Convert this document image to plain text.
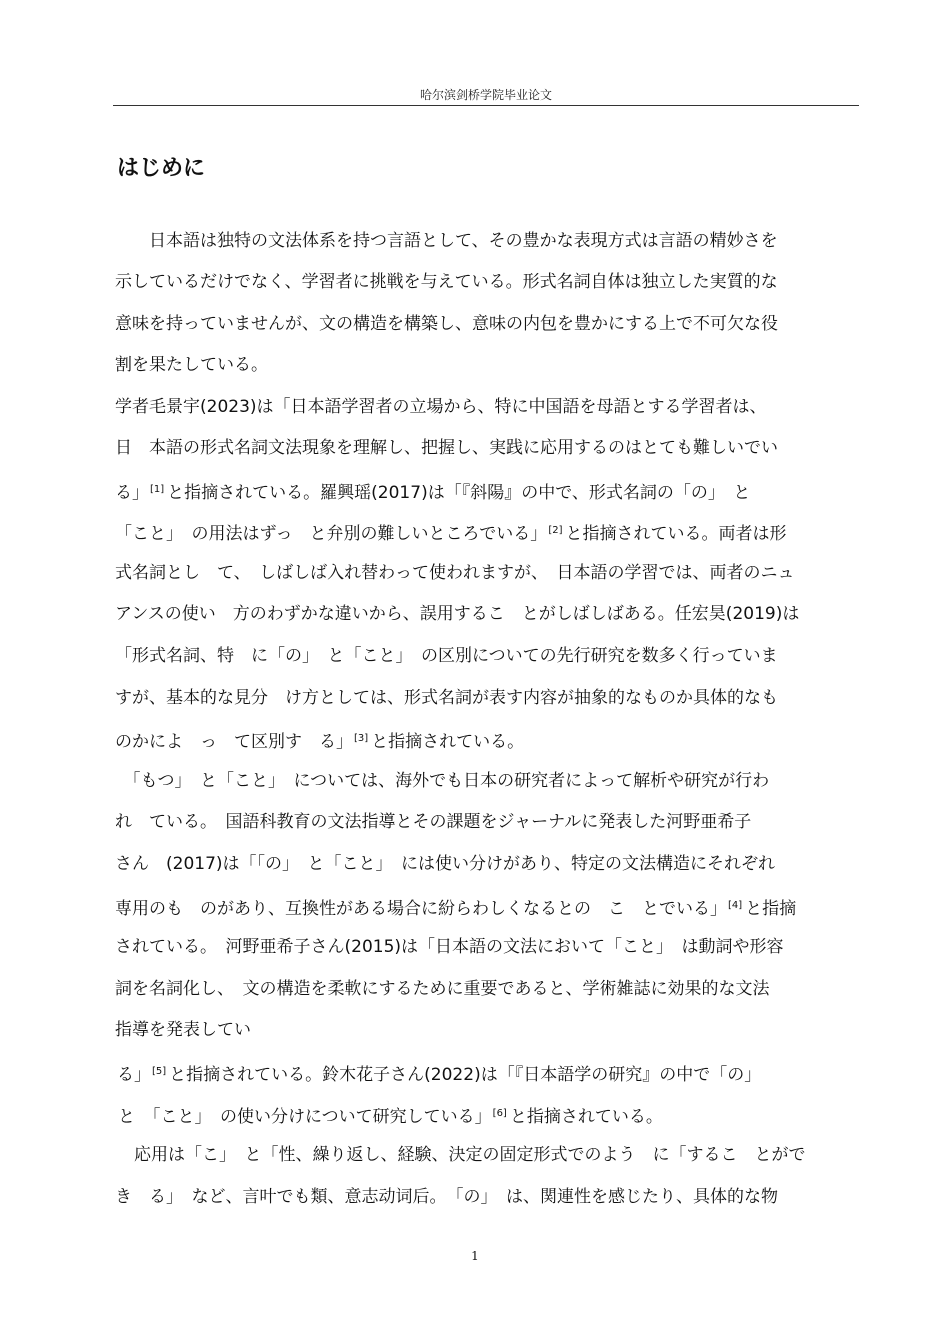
哈尔滨剑桥学院毕业论文
はじめに
　　日本語は独特の文法体系を持つ言語として、その豊かな表現方式は言語の精妙さを
示しているだけでなく、学習者に挑戦を与えている。形式名詞自体は独立した実質的な
意味を持っていませんが、文の構造を構築し、意味の内包を豊かにする上で不可欠な役
割を果たしている。
学者毛景宇(2023)は「日本語学習者の立場から、特に中国語を母語とする学習者は、
日　本語の形式名詞文法現象を理解し、把握し、実践に応用するのはとても難しいでい
る」[1] と指摘されている。羅興瑶(2017)は「『斜陽』の中で、形式名詞の「の」　と
「こと」　の用法はずっ　と弁別の難しいところでいる」[2] と指摘されている。両者は形
式名詞とし　て、　しばしば入れ替わって使われますが、　日本語の学習では、両者のニュ
アンスの使い　方のわずかな違いから、誤用するこ　とがしばしばある。任宏昊(2019)は
「形式名詞、特　に「の」　と「こと」　の区別についての先行研究を数多く行っていま
すが、基本的な見分　け方としては、形式名詞が表す内容が抽象的なものか具体的なも
のかによ　っ　て区別す　る」[3] と指摘されている。
　「もつ」　と「こと」　については、海外でも日本の研究者によって解析や研究が行わ
れ　ている。　国語科教育の文法指導とその課題をジャーナルに発表した河野亜希子
さん　(2017)は「「の」　と「こと」　には使い分けがあり、特定の文法構造にそれぞれ
専用のも　のがあり、互換性がある場合に紛らわしくなるとの　こ　とでいる」[4] と指摘
されている。　河野亜希子さん(2015)は「日本語の文法において「こと」　は動詞や形容
詞を名詞化し、　文の構造を柔軟にするために重要であると、学術雑誌に効果的な文法
指導を発表してい
る」[5] と指摘されている。鈴木花子さん(2022)は「『日本語学の研究』の中で「の」
と　「こと」　の使い分けについて研究している」[6] と指摘されている。
　応用は「こ」　と「性、繰り返し、経験、決定の固定形式でのよう　に「するこ　とがで
き　る」　など、言叶でも類、意志动词后。　「の」　は、関連性を感じたり、具体的な物
1
